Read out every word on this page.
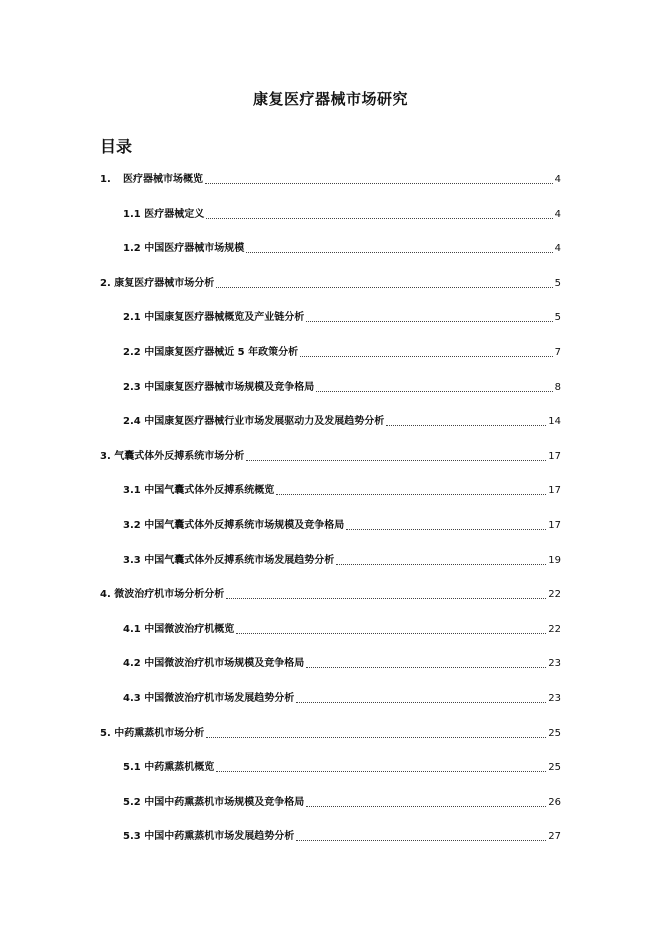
康复医疗器械市场研究
目录
1.	医疗器械市场概览	4
1.1 医疗器械定义	4
1.2 中国医疗器械市场规模	4
2. 康复医疗器械市场分析	5
2.1 中国康复医疗器械概览及产业链分析	5
2.2 中国康复医疗器械近 5 年政策分析	7
2.3 中国康复医疗器械市场规模及竞争格局	8
2.4 中国康复医疗器械行业市场发展驱动力及发展趋势分析	14
3. 气囊式体外反搏系统市场分析	17
3.1 中国气囊式体外反搏系统概览	17
3.2 中国气囊式体外反搏系统市场规模及竞争格局	17
3.3 中国气囊式体外反搏系统市场发展趋势分析	19
4. 微波治疗机市场分析分析	22
4.1 中国微波治疗机概览	22
4.2 中国微波治疗机市场规模及竞争格局	23
4.3 中国微波治疗机市场发展趋势分析	23
5. 中药熏蒸机市场分析	25
5.1 中药熏蒸机概览	25
5.2 中国中药熏蒸机市场规模及竞争格局	26
5.3 中国中药熏蒸机市场发展趋势分析	27
